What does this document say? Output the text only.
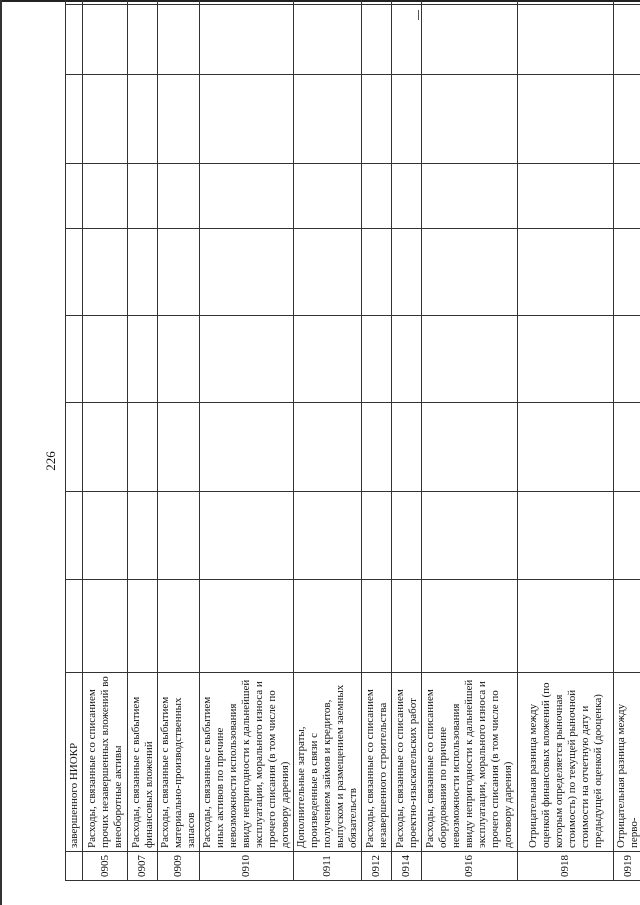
226
	завершенного НИОКР									
0905	Расходы, связанные со списанием прочих незавершенных вложений во внеоборотные активы									
0907	Расходы, связанные с выбытием финансовых вложений									
0909	Расходы, связанные с выбытием материально-производственных запасов									
0910	Расходы, связанные с выбытием иных активов по причине невозможности использования ввиду непригодности к дальнейшей эксплуатации, морального износа и прочего списания (в том числе по договору дарения)									
0911	Дополнительные затраты, произведенные в связи с получением займов и кредитов, выпуском и размещением заемных обязательств									
0912	Расходы, связанные со списанием незавершенного строительства									
0914	Расходы, связанные со списанием проектно-изыскательских работ									
0916	Расходы, связанные со списанием оборудования по причине невозможности использования ввиду непригодности к дальнейшей эксплуатации, морального износа и прочего списания (в том числе по договору дарения)									
0918	Отрицательная разница между оценкой финансовых вложений (по которым определяется рыночная стоимость) по текущей рыночной стоимости на отчетную дату и предыдущей оценкой (дооценка)									
0919	Отрицательная разница между перво-									
